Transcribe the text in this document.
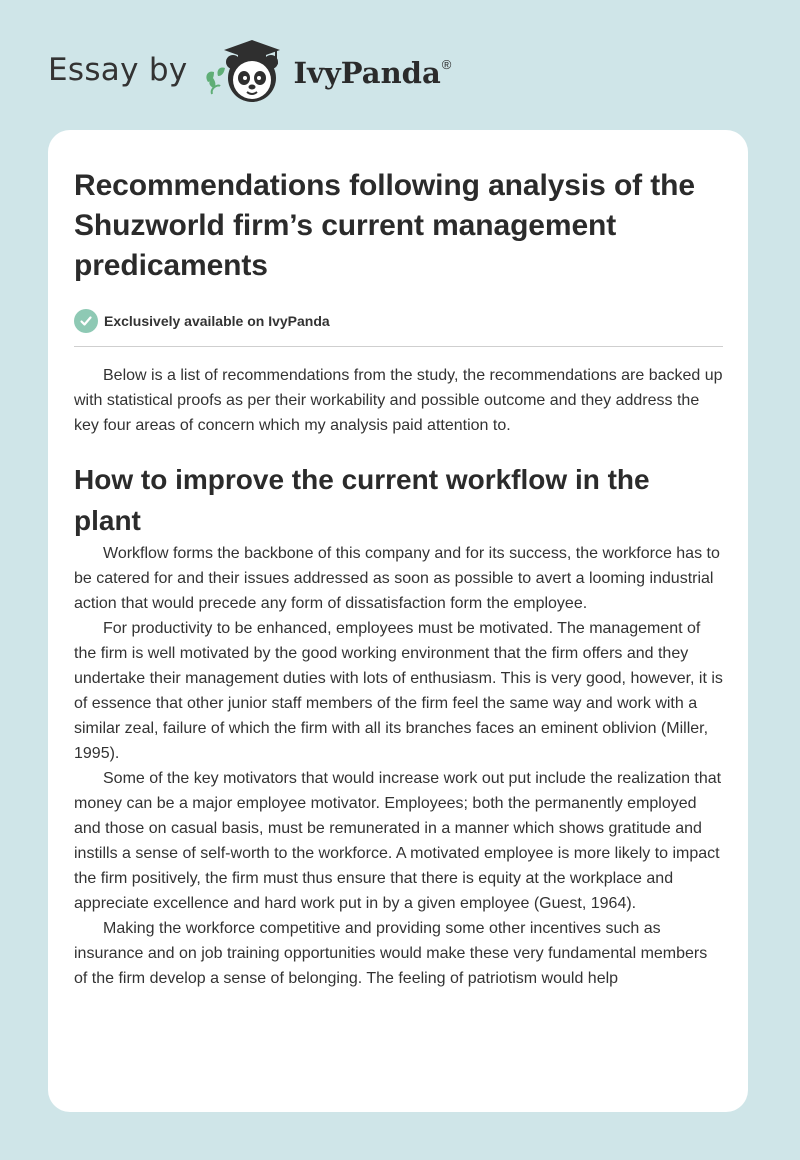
Essay by	IvyPanda®
Recommendations following analysis of the Shuzworld firm’s current management predicaments
Exclusively available on IvyPanda

Below is a list of recommendations from the study, the recommendations are backed up with statistical proofs as per their workability and possible outcome and they address the key four areas of concern which my analysis paid attention to.

How to improve the current workflow in the plant

Workflow forms the backbone of this company and for its success, the workforce has to be catered for and their issues addressed as soon as possible to avert a looming industrial action that would precede any form of dissatisfaction form the employee.

For productivity to be enhanced, employees must be motivated. The management of the firm is well motivated by the good working environment that the firm offers and they undertake their management duties with lots of enthusiasm. This is very good, however, it is of essence that other junior staff members of the firm feel the same way and work with a similar zeal, failure of which the firm with all its branches faces an eminent oblivion (Miller, 1995).

Some of the key motivators that would increase work out put include the realization that money can be a major employee motivator. Employees; both the permanently employed and those on casual basis, must be remunerated in a manner which shows gratitude and instills a sense of self-worth to the workforce. A motivated employee is more likely to impact the firm positively, the firm must thus ensure that there is equity at the workplace and appreciate excellence and hard work put in by a given employee (Guest, 1964).

Making the workforce competitive and providing some other incentives such as insurance and on job training opportunities would make these very fundamental members of the firm develop a sense of belonging. The feeling of patriotism would help
